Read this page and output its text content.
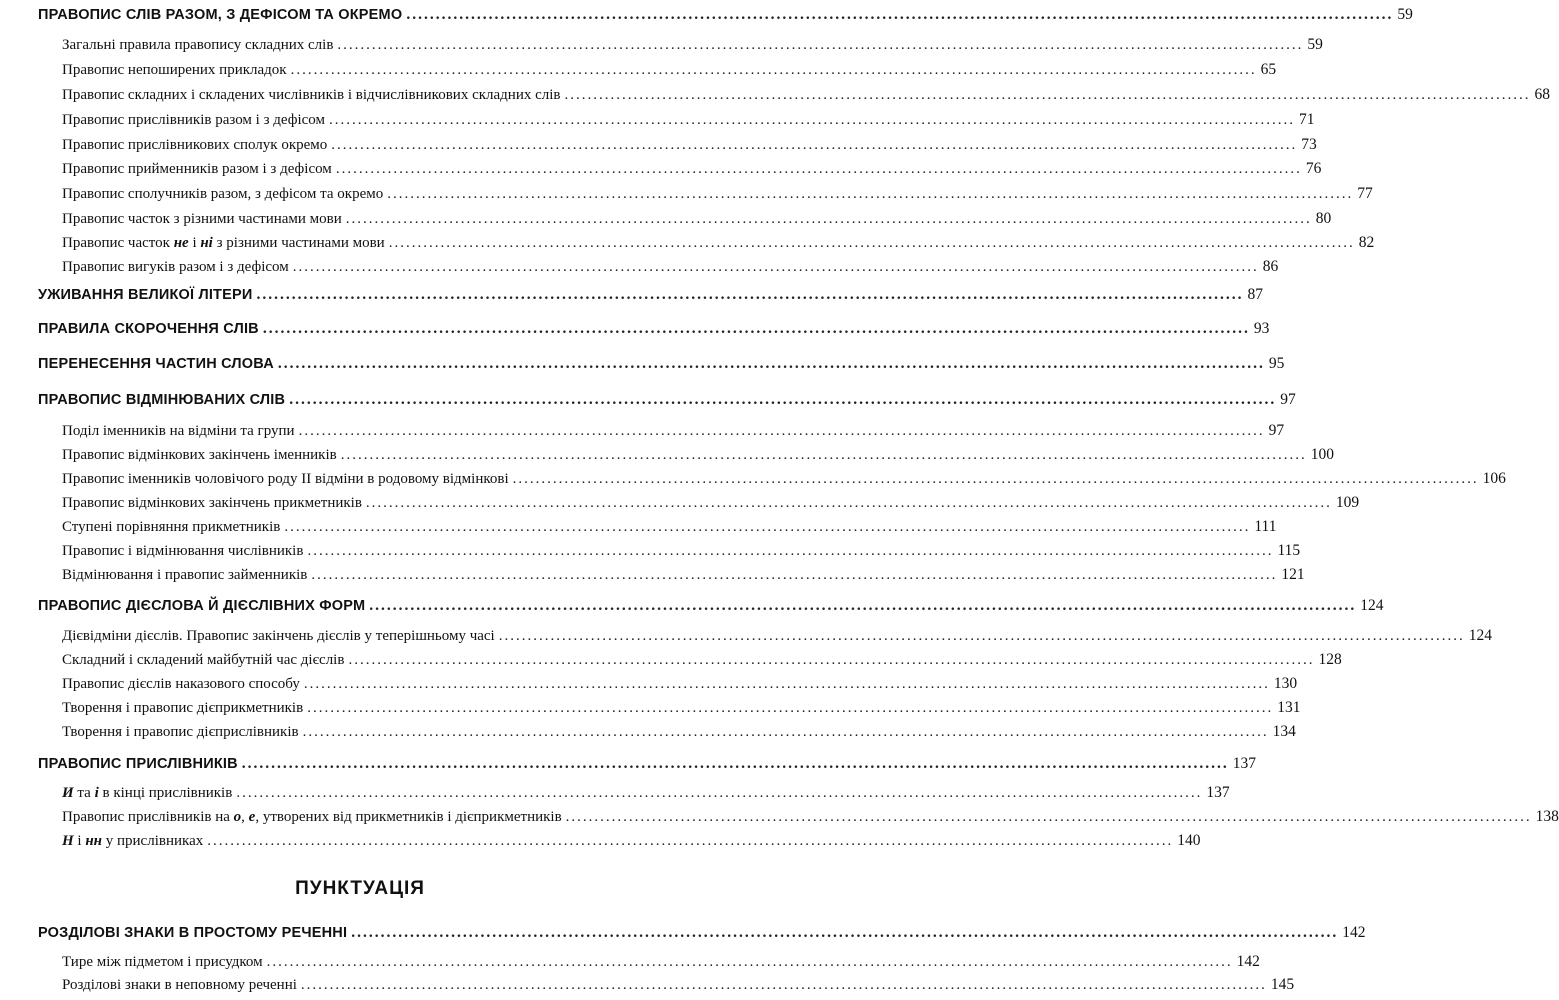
ПРАВОПИС СЛІВ РАЗОМ, З ДЕФІСОМ ТА ОКРЕМО ........................................................................................................................................................................ 59
Загальні правила правопису складних слів ........................................................................................................................................................................ 59
Правопис непоширених прикладок ........................................................................................................................................................................ 65
Правопис складних і складених числівників і відчислівникових складних слів ........................................................................................................................................................................ 68
Правопис прислівників разом і з дефісом ........................................................................................................................................................................ 71
Правопис прислівникових сполук окремо ........................................................................................................................................................................ 73
Правопис прийменників разом і з дефісом ........................................................................................................................................................................ 76
Правопис сполучників разом, з дефісом та окремо ........................................................................................................................................................................ 77
Правопис часток з різними частинами мови ........................................................................................................................................................................ 80
Правопис часток не і ні з різними частинами мови ........................................................................................................................................................................ 82
Правопис вигуків разом і з дефісом ........................................................................................................................................................................ 86
УЖИВАННЯ ВЕЛИКОЇ ЛІТЕРИ ........................................................................................................................................................................ 87
ПРАВИЛА СКОРОЧЕННЯ СЛІВ ........................................................................................................................................................................ 93
ПЕРЕНЕСЕННЯ ЧАСТИН СЛОВА ........................................................................................................................................................................ 95
ПРАВОПИС ВІДМІНЮВАНИХ СЛІВ ........................................................................................................................................................................ 97
Поділ іменників на відміни та групи ........................................................................................................................................................................ 97
Правопис відмінкових закінчень іменників ........................................................................................................................................................................ 100
Правопис іменників чоловічого роду ІІ відміни в родовому відмінкові ........................................................................................................................................................................ 106
Правопис відмінкових закінчень прикметників ........................................................................................................................................................................ 109
Ступені порівняння прикметників ........................................................................................................................................................................ 111
Правопис і відмінювання числівників ........................................................................................................................................................................ 115
Відмінювання і правопис займенників ........................................................................................................................................................................ 121
ПРАВОПИС ДІЄСЛОВА Й ДІЄСЛІВНИХ ФОРМ ........................................................................................................................................................................ 124
Дієвідміни дієслів. Правопис закінчень дієслів у теперішньому часі ........................................................................................................................................................................ 124
Складний і складений майбутній час дієслів ........................................................................................................................................................................ 128
Правопис дієслів наказового способу ........................................................................................................................................................................ 130
Творення і правопис дієприкметників ........................................................................................................................................................................ 131
Творення і правопис дієприслівників ........................................................................................................................................................................ 134
ПРАВОПИС ПРИСЛІВНИКІВ ........................................................................................................................................................................ 137
И та і в кінці прислівників ........................................................................................................................................................................ 137
Правопис прислівників на о, е, утворених від прикметників і дієприкметників ........................................................................................................................................................................ 138
Н і нн у прислівниках ........................................................................................................................................................................ 140
ПУНКТУАЦІЯ
РОЗДІЛОВІ ЗНАКИ В ПРОСТОМУ РЕЧЕННІ ........................................................................................................................................................................ 142
Тире між підметом і присудком ........................................................................................................................................................................ 142
Розділові знаки в неповному реченні ........................................................................................................................................................................ 145
